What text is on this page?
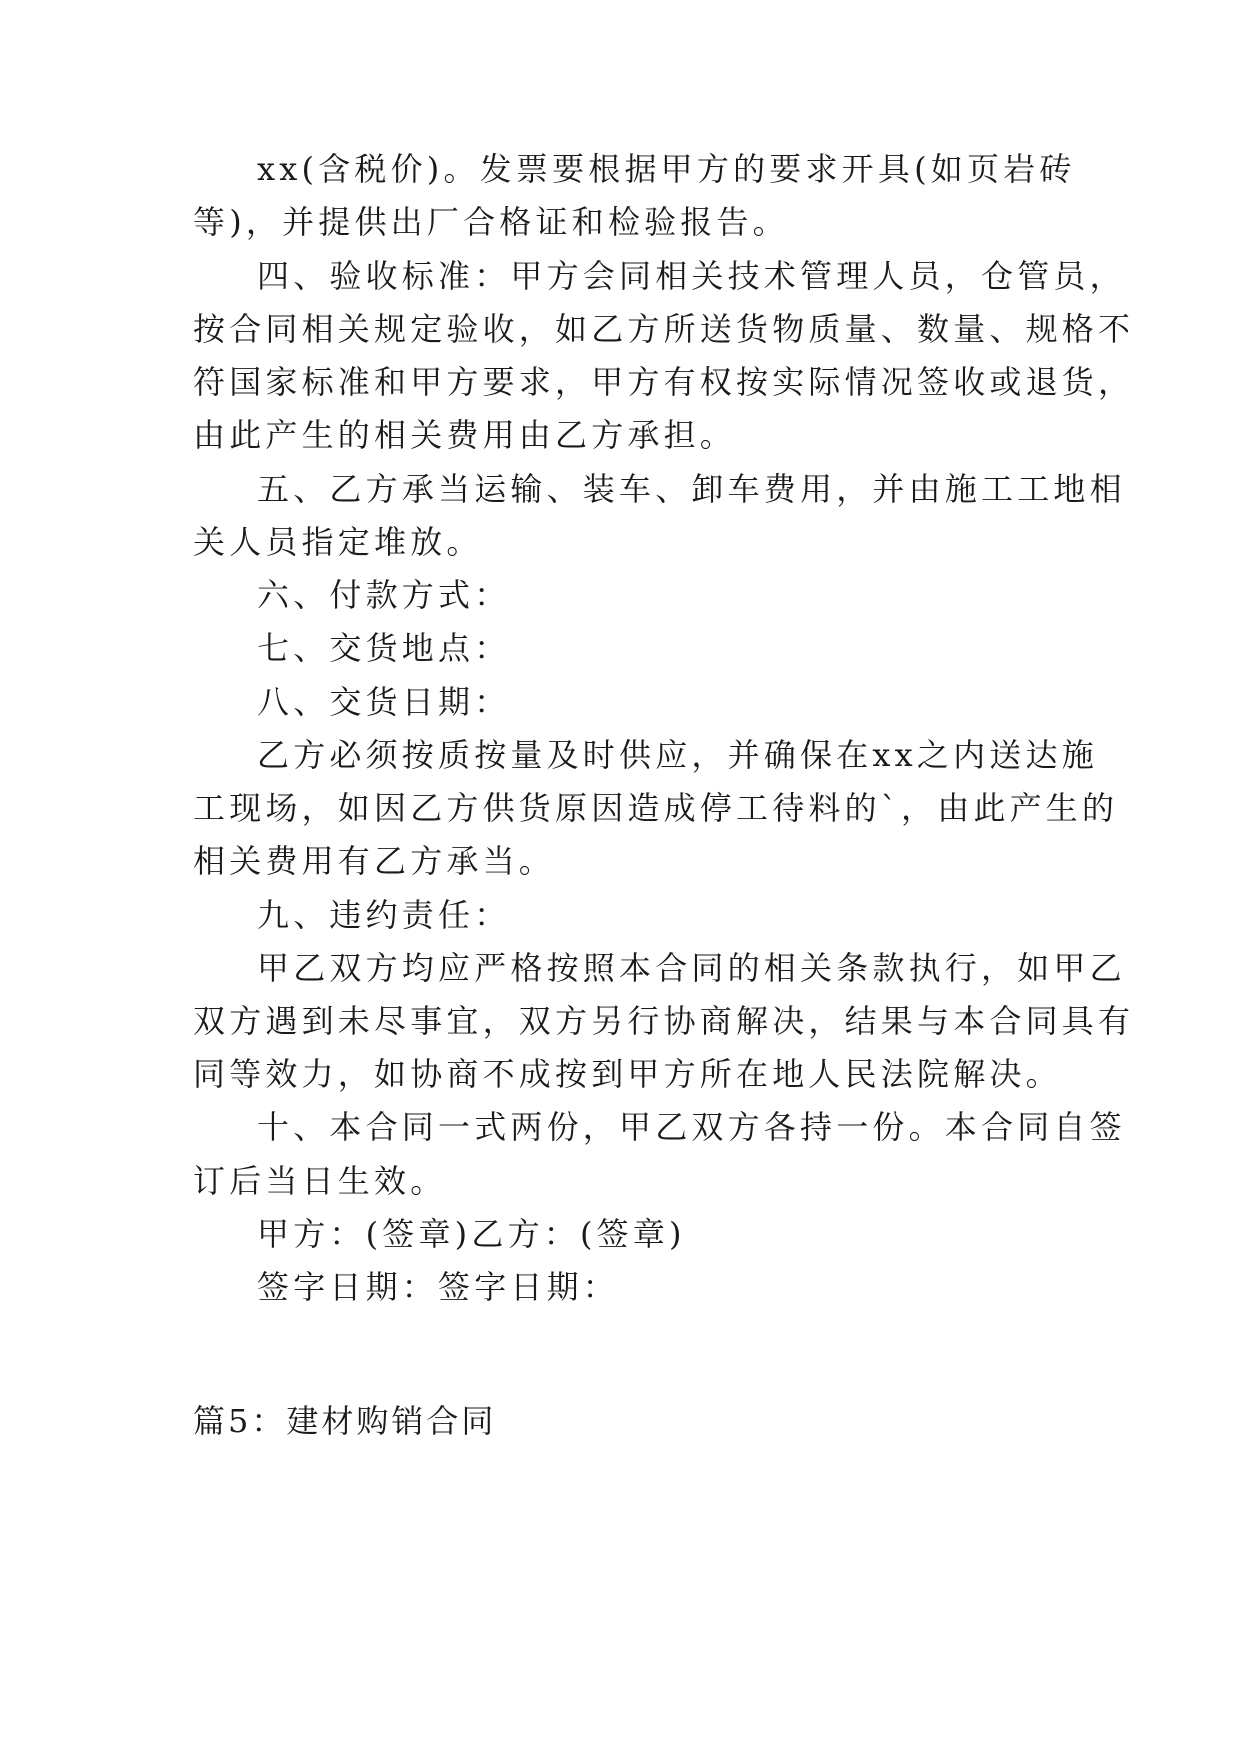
xx(含税价)。发票要根据甲方的要求开具(如页岩砖
等)，并提供出厂合格证和检验报告。
四、验收标准：甲方会同相关技术管理人员，仓管员，
按合同相关规定验收，如乙方所送货物质量、数量、规格不
符国家标准和甲方要求，甲方有权按实际情况签收或退货，
由此产生的相关费用由乙方承担。
五、乙方承当运输、装车、卸车费用，并由施工工地相
关人员指定堆放。
六、付款方式：
七、交货地点：
八、交货日期：
乙方必须按质按量及时供应，并确保在xx之内送达施
工现场，如因乙方供货原因造成停工待料的`，由此产生的
相关费用有乙方承当。
九、违约责任：
甲乙双方均应严格按照本合同的相关条款执行，如甲乙
双方遇到未尽事宜，双方另行协商解决，结果与本合同具有
同等效力，如协商不成按到甲方所在地人民法院解决。
十、本合同一式两份，甲乙双方各持一份。本合同自签
订后当日生效。
甲方：(签章)乙方：(签章)
签字日期：签字日期：
篇5：建材购销合同
